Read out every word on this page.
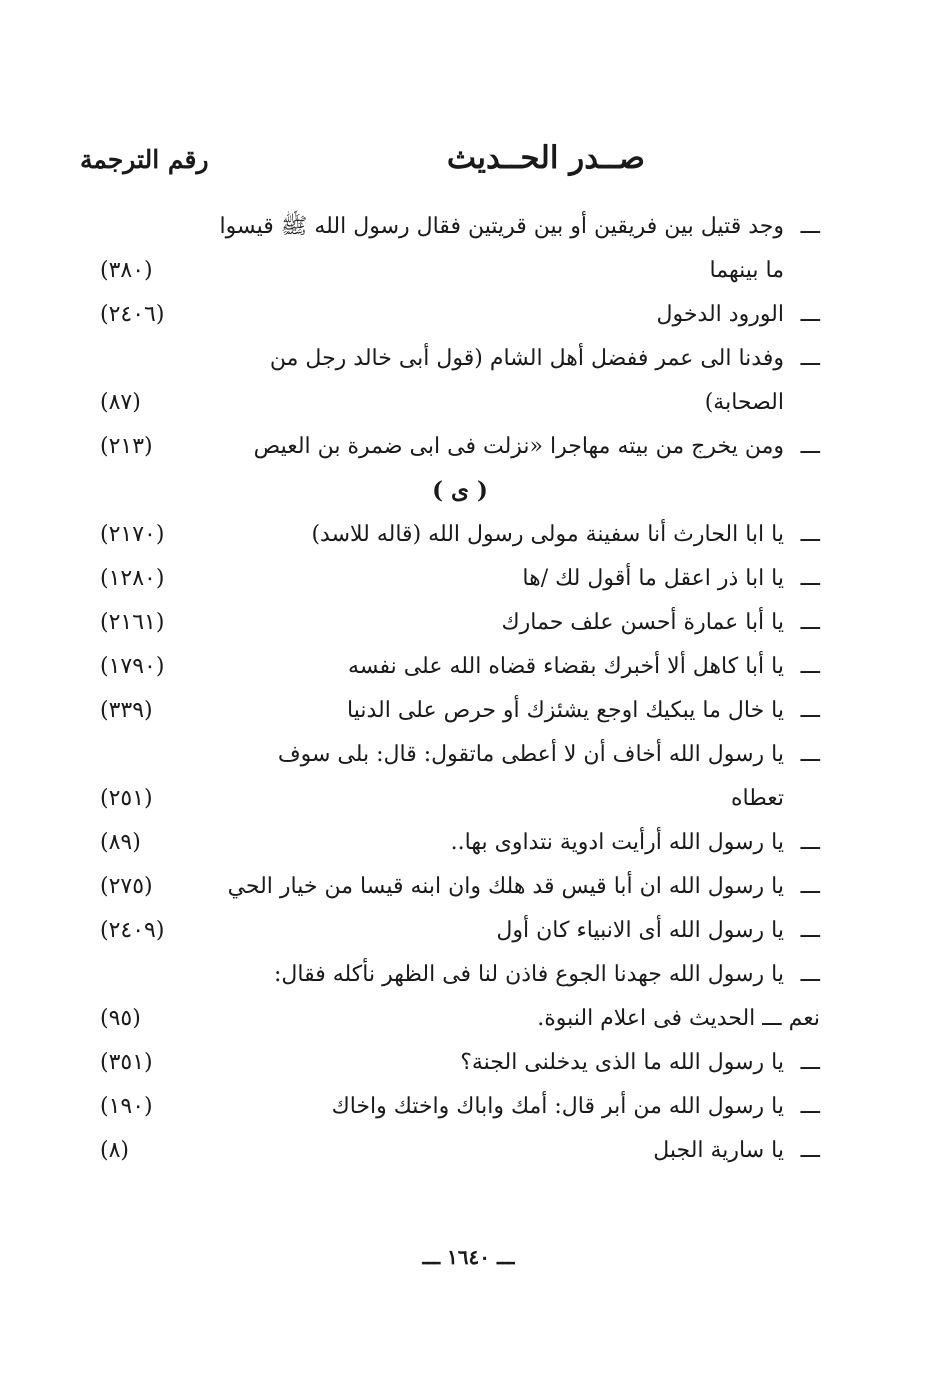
صــدر الحــديث
رقم الترجمة
ـــ
وجد قتيل بين فريقين أو بين قريتين فقال رسول الله ﷺ قيسوا ما بينهما
(٣٨٠)
ـــ
الورود الدخول
(٢٤٠٦)
ـــ
وفدنا الى عمر ففضل أهل الشام (قول أبى خالد رجل من الصحابة)
(٨٧)
ـــ
ومن يخرج من بيته مهاجرا «نزلت فى ابى ضمرة بن العيص
(٢١٣)
( ى )
ـــ
يا ابا الحارث أنا سفينة مولى رسول الله (قاله للاسد)
(٢١٧٠)
ـــ
يا ابا ذر اعقل ما أقول لك /ها
(١٢٨٠)
ـــ
يا أبا عمارة أحسن علف حمارك
(٢١٦١)
ـــ
يا أبا كاهل ألا أخبرك بقضاء قضاه الله على نفسه
(١٧٩٠)
ـــ
يا خال ما يبكيك اوجع يشئزك أو حرص على الدنيا
(٣٣٩)
ـــ
يا رسول الله أخاف أن لا أعطى ماتقول: قال: بلى سوف تعطاه
(٢٥١)
ـــ
يا رسول الله أرأيت ادوية نتداوى بها..
(٨٩)
ـــ
يا رسول الله ان أبا قيس قد هلك وان ابنه قيسا من خيار الحي
(٢٧٥)
ـــ
يا رسول الله أى الانبياء كان أول
(٢٤٠٩)
ـــ
يا رسول الله جهدنا الجوع فاذن لنا فى الظهر نأكله فقال:
نعم ـــ الحديث فى اعلام النبوة.
(٩٥)
ـــ
يا رسول الله ما الذى يدخلنى الجنة؟
(٣٥١)
ـــ
يا رسول الله من أبر قال: أمك واباك واختك واخاك
(١٩٠)
ـــ
يا سارية الجبل
(٨)
ـــ ١٦٤٠ ـــ
